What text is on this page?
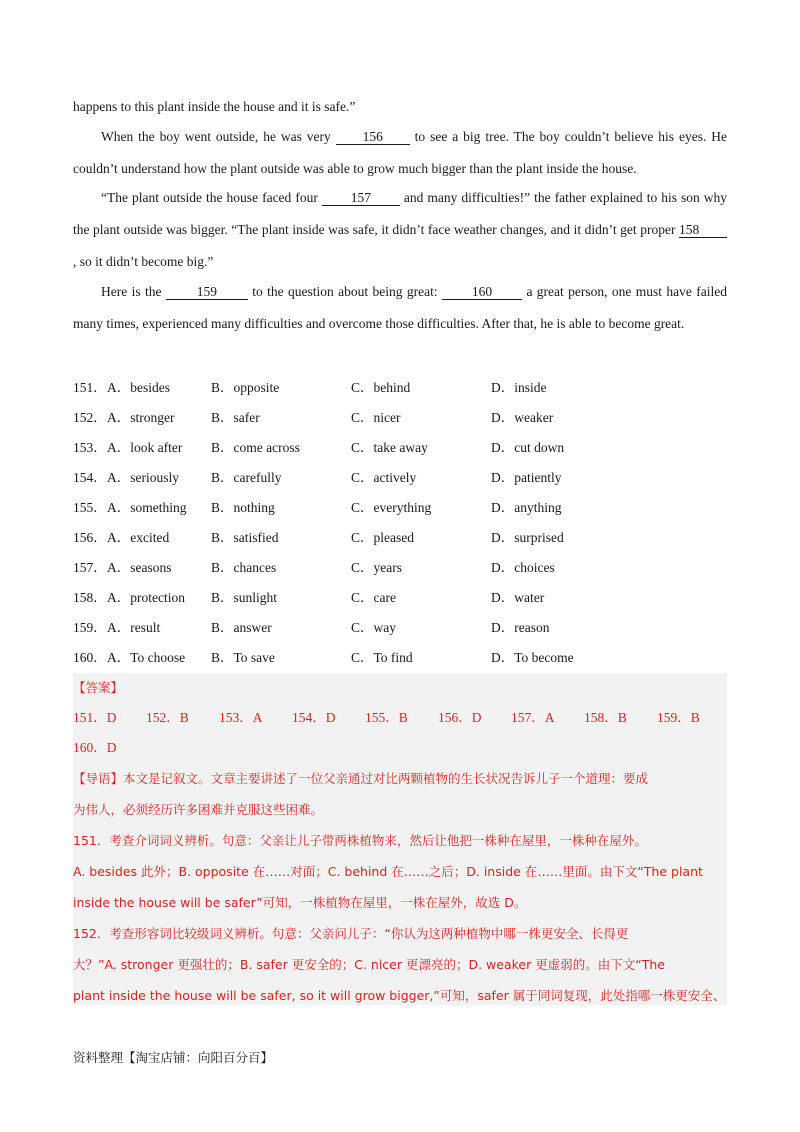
happens to this plant inside the house and it is safe.”
When the boy went outside, he was very 156 to see a big tree. The boy couldn’t believe his eyes. He couldn’t understand how the plant outside was able to grow much bigger than the plant inside the house.
“The plant outside the house faced four 157 and many difficulties!” the father explained to his son why the plant outside was bigger. “The plant inside was safe, it didn’t face weather changes, and it didn’t get proper 158, so it didn’t become big.”
Here is the	159	to the question about being great:	160	a great person, one must have failed many times, experienced many difficulties and overcome those difficulties. After that, he is able to become great.
151． A．besides	B．opposite	C．behind	D．inside
152． A．stronger	B．safer	C．nicer	D．weaker
153． A．look after B．come across	C．take away	D．cut down
154． A．seriously B．carefully	C．actively	D．patiently
155． A．something B．nothing	C．everything	D．anything
156． A．excited	B．satisfied	C．pleased	D．surprised
157． A．seasons	B．chances	C．years	D．choices
158． A．protection B．sunlight	C．care	D．water
159． A．result	B．answer	C．way	D．reason
160． A．To choose B．To save	C．To find	D．To become
【答案】
151．D 152．B 153．A 154．D 155．B 156．D 157．A 158．B 159．B
160．D
【导语】本文是记叙文。文章主要讲述了一位父亲通过对比两颗植物的生长状况告诉儿子一个道理：要成
为伟人，必须经历许多困难并克服这些困难。
151．考查介词词义辨析。句意：父亲让儿子带两株植物来，然后让他把一株种在屋里，一株种在屋外。
A. besides 此外；B. opposite 在……对面；C. behind 在……之后；D. inside 在……里面。由下文“The plant
inside the house will be safer”可知，一株植物在屋里，一株在屋外，故选 D。
152．考查形容词比较级词义辨析。句意：父亲问儿子：“你认为这两种植物中哪一株更安全、长得更
大？”A. stronger 更强壮的；B. safer 更安全的；C. nicer 更漂亮的；D. weaker 更虚弱的。由下文“The
plant inside the house will be safer, so it will grow bigger,”可知，safer 属于同词复现，此处指哪一株更安全、
资料整理【淘宝店铺：向阳百分百】
